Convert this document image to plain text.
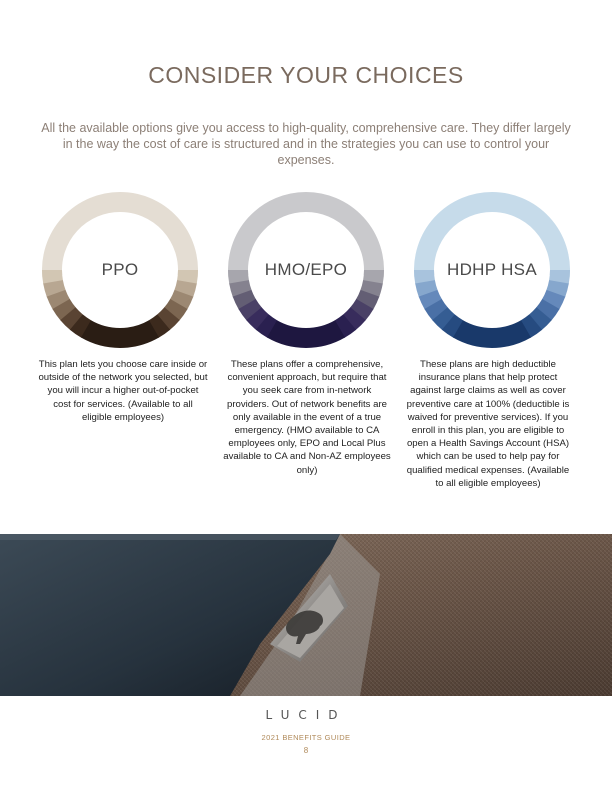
CONSIDER YOUR CHOICES
All the available options give you access to high-quality, comprehensive care. They differ largely in the way the cost of care is structured and in the strategies you can use to control your expenses.
PPO	HMO/EPO	HDHP HSA
This plan lets you choose care inside or outside of the network you selected, but you will incur a higher out-of-pocket cost for services. (Available to all eligible employees)
These plans offer a comprehensive, convenient approach, but require that you seek care from in-network providers. Out of network benefits are only available in the event of a true emergency. (HMO available to CA employees only, EPO and Local Plus available to CA and Non-AZ employees only)
These plans are high deductible insurance plans that help protect against large claims as well as cover preventive care at 100% (deductible is waived for preventive services). If you enroll in this plan, you are eligible to open a Health Savings Account (HSA) which can be used to help pay for qualified medical expenses. (Available to all eligible employees)
LUCID
2021 BENEFITS GUIDE
8
